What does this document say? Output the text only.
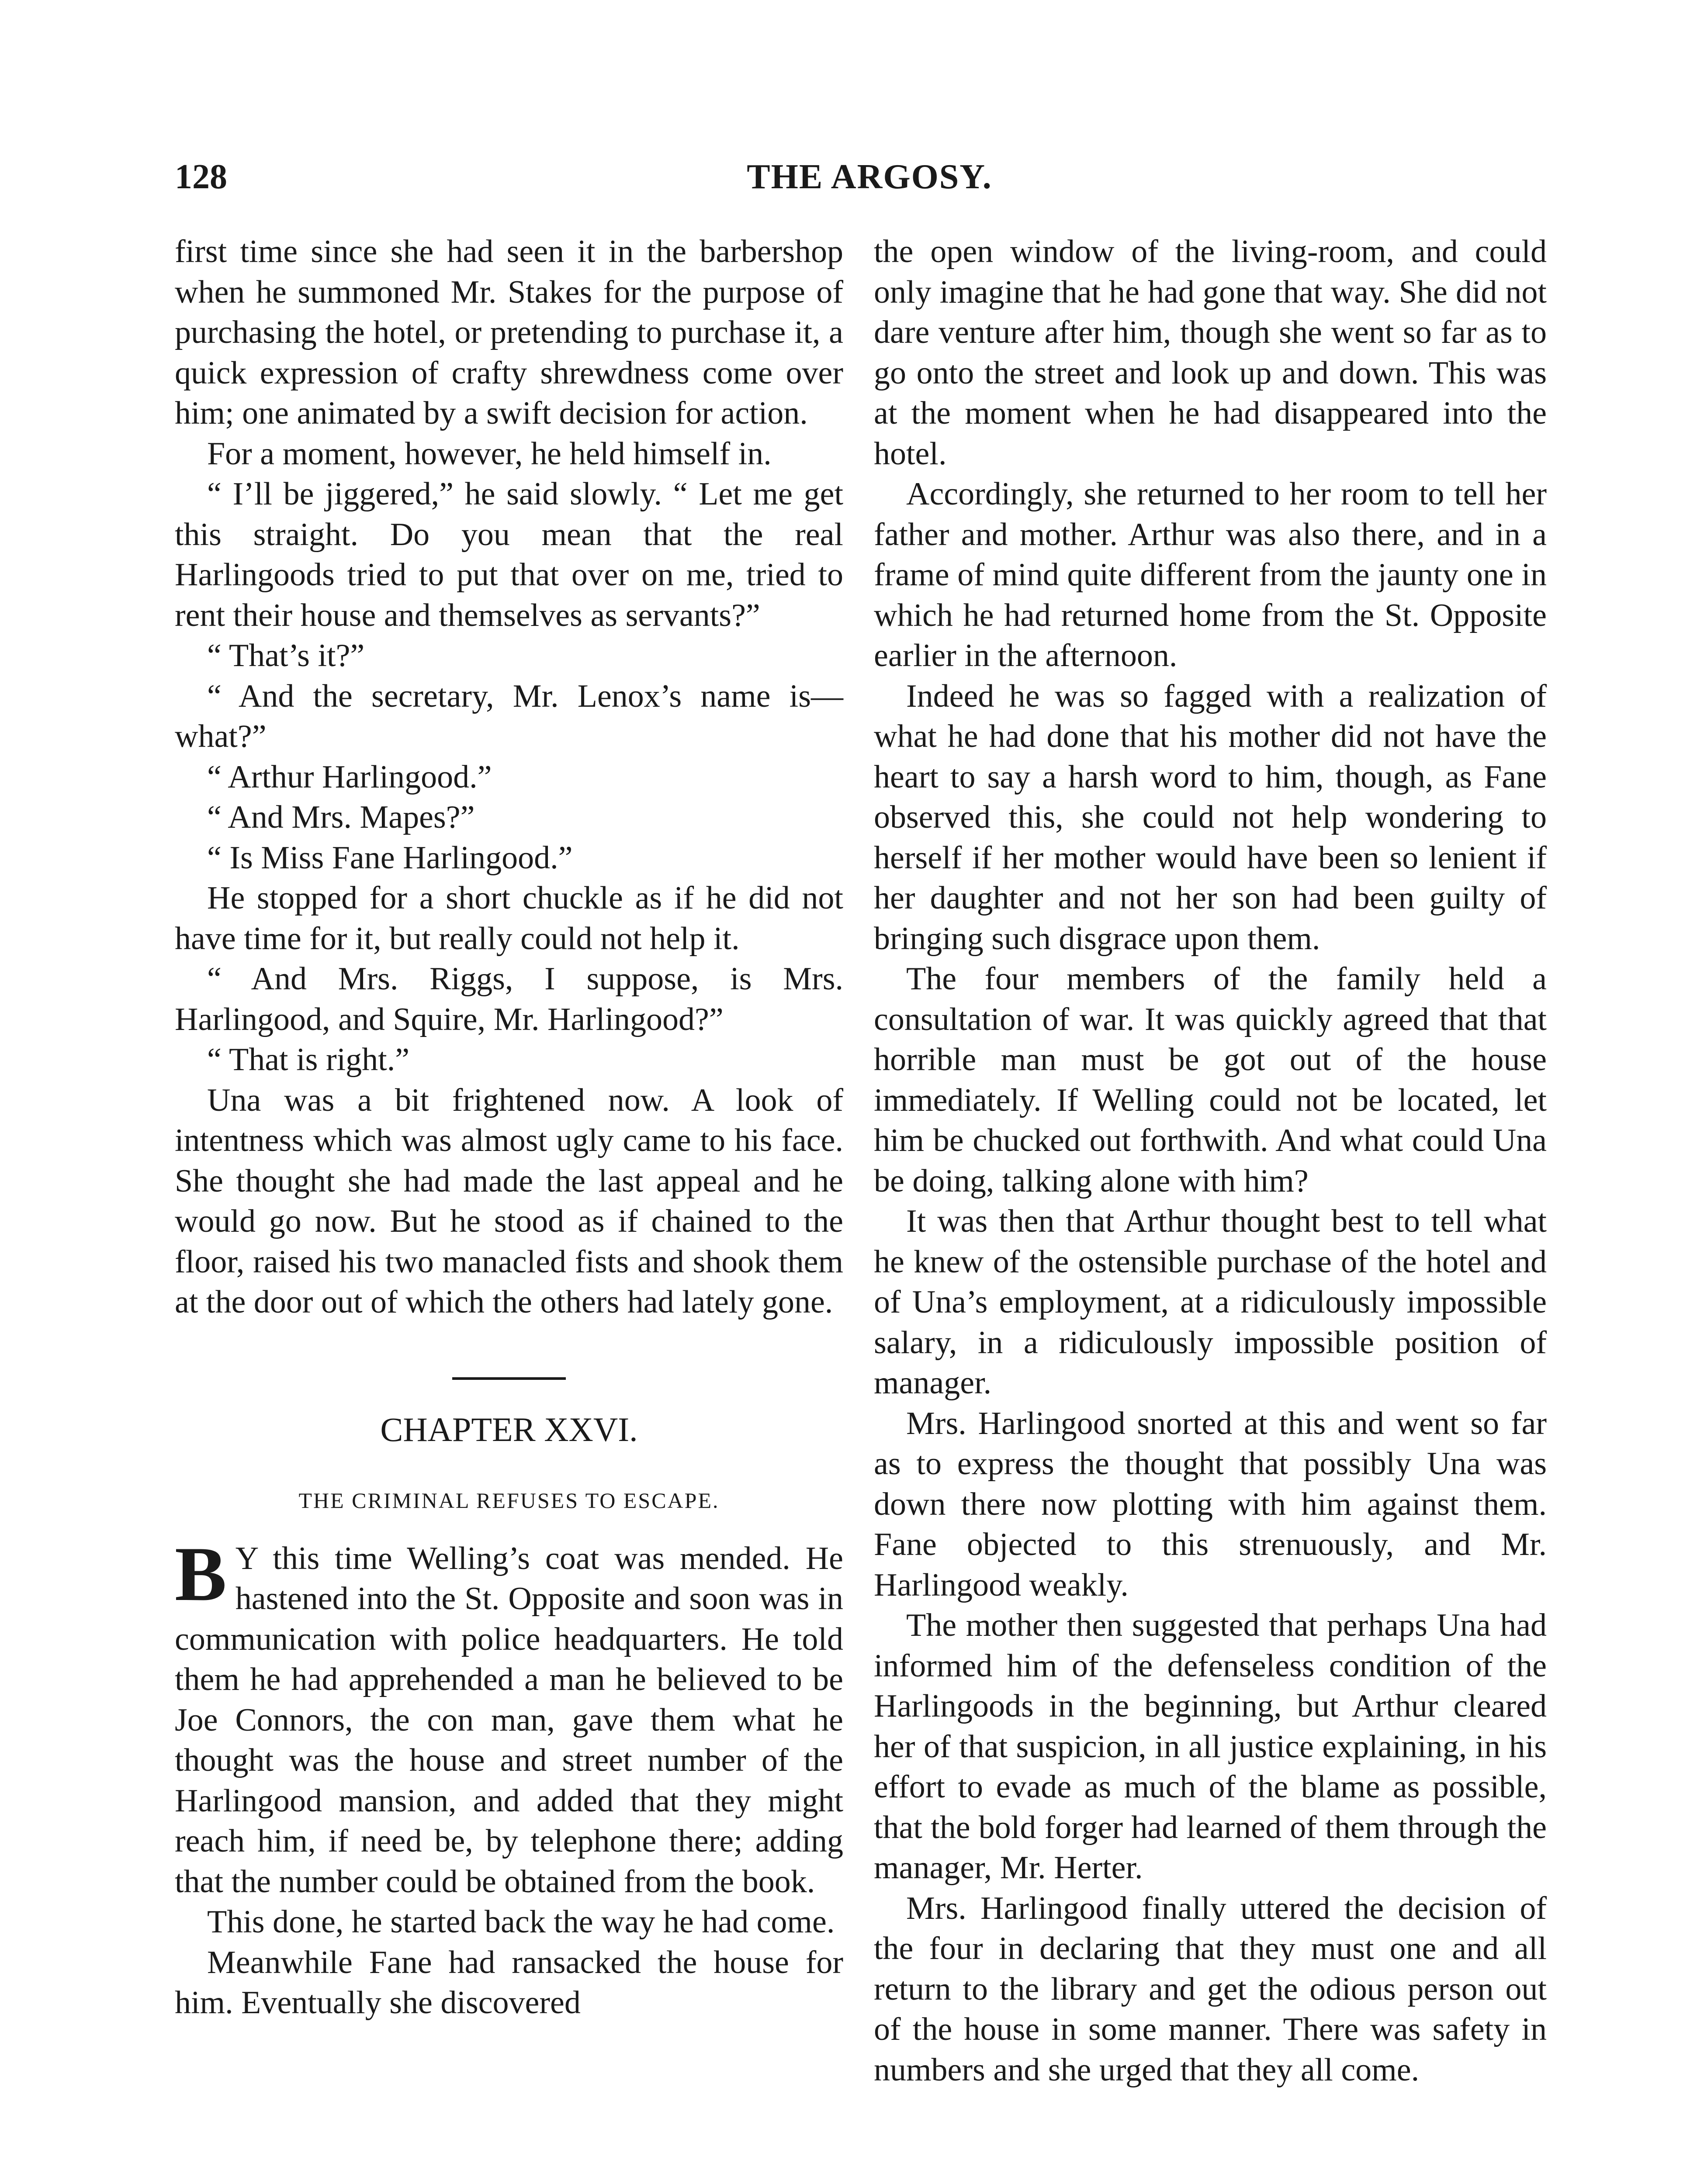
128	THE ARGOSY.

first time since she had seen it in the barbershop when he summoned Mr. Stakes for the purpose of purchasing the hotel, or pretending to purchase it, a quick expression of crafty shrewdness come over him; one animated by a swift decision for action.

For a moment, however, he held himself in.

“ I’ll be jiggered,” he said slowly. “ Let me get this straight. Do you mean that the real Harlingoods tried to put that over on me, tried to rent their house and themselves as servants?”

“ That’s it?”

“ And the secretary, Mr. Lenox’s name is—what?”

“ Arthur Harlingood.”

“ And Mrs. Mapes?”

“ Is Miss Fane Harlingood.”

He stopped for a short chuckle as if he did not have time for it, but really could not help it.

“ And Mrs. Riggs, I suppose, is Mrs. Harlingood, and Squire, Mr. Harlingood?”

“ That is right.”

Una was a bit frightened now. A look of intentness which was almost ugly came to his face. She thought she had made the last appeal and he would go now. But he stood as if chained to the floor, raised his two manacled fists and shook them at the door out of which the others had lately gone.

CHAPTER XXVI.
THE CRIMINAL REFUSES TO ESCAPE.

B Y this time Welling’s coat was mended. He hastened into the St. Opposite and soon was in communication with police headquarters. He told them he had apprehended a man he believed to be Joe Connors, the con man, gave them what he thought was the house and street number of the Harlingood mansion, and added that they might reach him, if need be, by telephone there; adding that the number could be obtained from the book.

This done, he started back the way he had come.

Meanwhile Fane had ransacked the house for him. Eventually she discovered

the open window of the living-room, and could only imagine that he had gone that way. She did not dare venture after him, though she went so far as to go onto the street and look up and down. This was at the moment when he had disappeared into the hotel.

Accordingly, she returned to her room to tell her father and mother. Arthur was also there, and in a frame of mind quite different from the jaunty one in which he had returned home from the St. Opposite earlier in the afternoon.

Indeed he was so fagged with a realization of what he had done that his mother did not have the heart to say a harsh word to him, though, as Fane observed this, she could not help wondering to herself if her mother would have been so lenient if her daughter and not her son had been guilty of bringing such disgrace upon them.

The four members of the family held a consultation of war. It was quickly agreed that that horrible man must be got out of the house immediately. If Welling could not be located, let him be chucked out forthwith. And what could Una be doing, talking alone with him?

It was then that Arthur thought best to tell what he knew of the ostensible purchase of the hotel and of Una’s employment, at a ridiculously impossible salary, in a ridiculously impossible position of manager.

Mrs. Harlingood snorted at this and went so far as to express the thought that possibly Una was down there now plotting with him against them. Fane objected to this strenuously, and Mr. Harlingood weakly.

The mother then suggested that perhaps Una had informed him of the defenseless condition of the Harlingoods in the beginning, but Arthur cleared her of that suspicion, in all justice explaining, in his effort to evade as much of the blame as possible, that the bold forger had learned of them through the manager, Mr. Herter.

Mrs. Harlingood finally uttered the decision of the four in declaring that they must one and all return to the library and get the odious person out of the house in some manner. There was safety in numbers and she urged that they all come.
